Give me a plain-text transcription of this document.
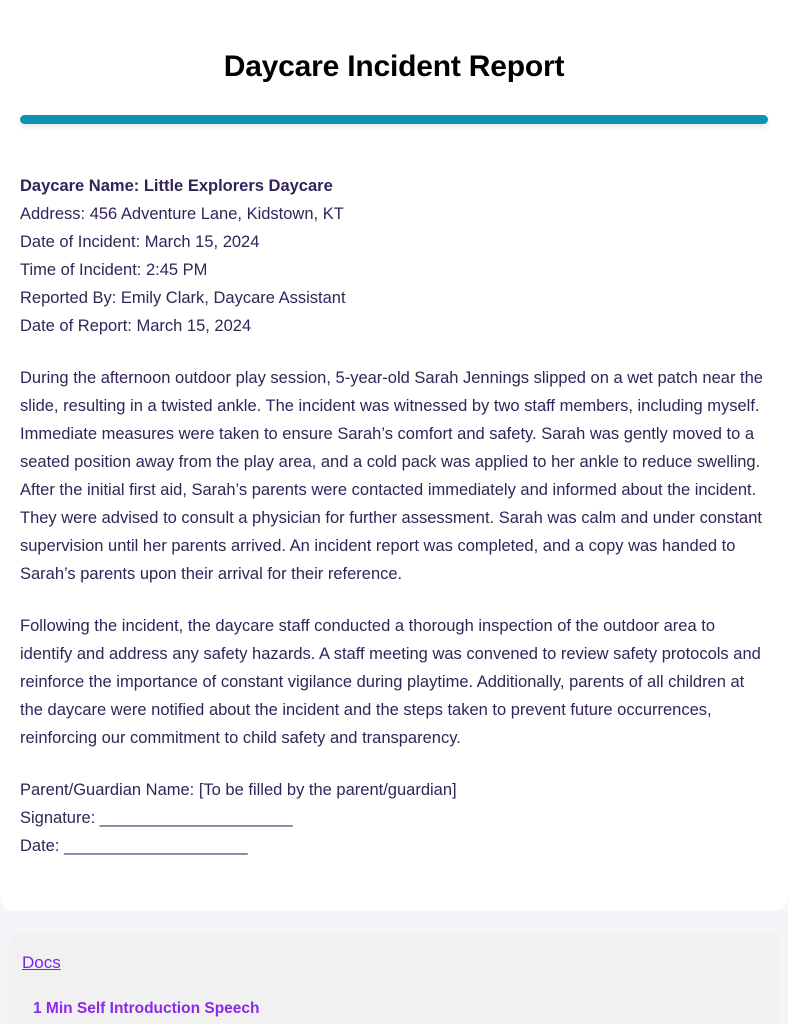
Daycare Incident Report

Daycare Name: Little Explorers Daycare

Address: 456 Adventure Lane, Kidstown, KT

Date of Incident: March 15, 2024

Time of Incident: 2:45 PM

Reported By: Emily Clark, Daycare Assistant

Date of Report: March 15, 2024

During the afternoon outdoor play session, 5-year-old Sarah Jennings slipped on a wet patch near the slide, resulting in a twisted ankle. The incident was witnessed by two staff members, including myself. Immediate measures were taken to ensure Sarah’s comfort and safety. Sarah was gently moved to a seated position away from the play area, and a cold pack was applied to her ankle to reduce swelling. After the initial first aid, Sarah’s parents were contacted immediately and informed about the incident. They were advised to consult a physician for further assessment. Sarah was calm and under constant supervision until her parents arrived. An incident report was completed, and a copy was handed to Sarah’s parents upon their arrival for their reference.

Following the incident, the daycare staff conducted a thorough inspection of the outdoor area to identify and address any safety hazards. A staff meeting was convened to review safety protocols and reinforce the importance of constant vigilance during playtime. Additionally, parents of all children at the daycare were notified about the incident and the steps taken to prevent future occurrences, reinforcing our commitment to child safety and transparency.

Parent/Guardian Name: [To be filled by the parent/guardian]

Signature: _____________________

Date: ____________________

Docs
1 Min Self Introduction Speech
